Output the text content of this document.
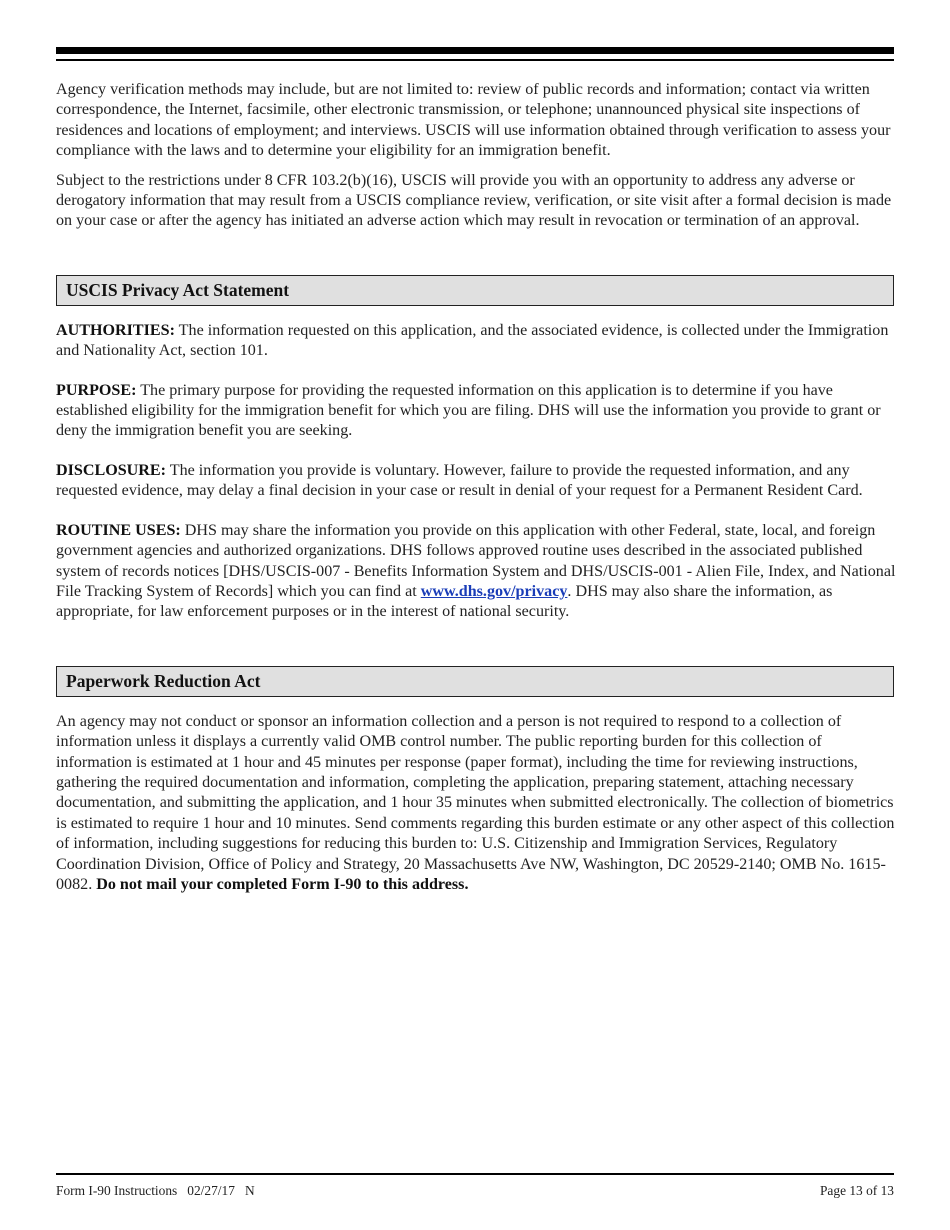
Agency verification methods may include, but are not limited to: review of public records and information; contact via written correspondence, the Internet, facsimile, other electronic transmission, or telephone; unannounced physical site inspections of residences and locations of employment; and interviews. USCIS will use information obtained through verification to assess your compliance with the laws and to determine your eligibility for an immigration benefit.

Subject to the restrictions under 8 CFR 103.2(b)(16), USCIS will provide you with an opportunity to address any adverse or derogatory information that may result from a USCIS compliance review, verification, or site visit after a formal decision is made on your case or after the agency has initiated an adverse action which may result in revocation or termination of an approval.

USCIS Privacy Act Statement

AUTHORITIES: The information requested on this application, and the associated evidence, is collected under the Immigration and Nationality Act, section 101.

PURPOSE: The primary purpose for providing the requested information on this application is to determine if you have established eligibility for the immigration benefit for which you are filing. DHS will use the information you provide to grant or deny the immigration benefit you are seeking.

DISCLOSURE: The information you provide is voluntary. However, failure to provide the requested information, and any requested evidence, may delay a final decision in your case or result in denial of your request for a Permanent Resident Card.

ROUTINE USES: DHS may share the information you provide on this application with other Federal, state, local, and foreign government agencies and authorized organizations. DHS follows approved routine uses described in the associated published system of records notices [DHS/USCIS-007 - Benefits Information System and DHS/USCIS-001 - Alien File, Index, and National File Tracking System of Records] which you can find at www.dhs.gov/privacy. DHS may also share the information, as appropriate, for law enforcement purposes or in the interest of national security.

Paperwork Reduction Act

An agency may not conduct or sponsor an information collection and a person is not required to respond to a collection of information unless it displays a currently valid OMB control number. The public reporting burden for this collection of information is estimated at 1 hour and 45 minutes per response (paper format), including the time for reviewing instructions, gathering the required documentation and information, completing the application, preparing statement, attaching necessary documentation, and submitting the application, and 1 hour 35 minutes when submitted electronically. The collection of biometrics is estimated to require 1 hour and 10 minutes. Send comments regarding this burden estimate or any other aspect of this collection of information, including suggestions for reducing this burden to: U.S. Citizenship and Immigration Services, Regulatory Coordination Division, Office of Policy and Strategy, 20 Massachusetts Ave NW, Washington, DC 20529-2140; OMB No. 1615-0082. Do not mail your completed Form I-90 to this address.

Form I-90 Instructions   02/27/17   N	Page 13 of 13
